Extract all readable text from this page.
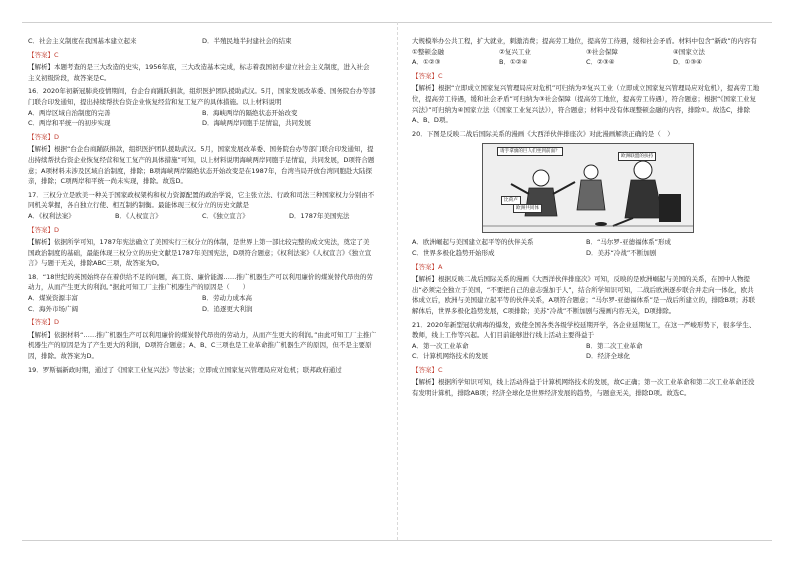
C．社会主义制度在我国基本建立起来	D．半殖民地半封建社会的结束

【答案】C

【解析】本题考查的是三大改造的史实，1956年底，三大改造基本完成，标志着我国初步建立社会主义制度，进入社会主义初级阶段，故答案是C。

16．2020年初新冠肺炎疫情期间，台企台商踊跃捐款，组织医护团队援助武汉。5月，国家发展改革委、国务院台办等部门联合印发通知，提出持续帮扶台资企业恢复经营和复工复产的具体措施。以上材料说明

A．两岸区域自治制度的完善	B．海峡两岸的隔绝状态开始改变

C．两岸和平统一的初步实现	D．海峡两岸同胞手足情谊，共同发展

【答案】D

【解析】根据“台企台商踊跃捐款，组织医护团队援助武汉。5月，国家发展改革委、国务院台办等部门联合印发通知，提出持续帮扶台资企业恢复经营和复工复产的具体措施”可知，以上材料说明海峡两岸同胞手足情谊，共同发展，D项符合题意；A项材料未涉及区域自治制度，排除；B项海峡两岸隔绝状态开始改变是在1987年，台湾当局开放台湾同胞赴大陆探亲，排除；C项两岸和平统一尚未实现，排除。故选D。

17．三权分立是欧美一种关于国家政权架构和权力资源配置的政治学说，它主张立法、行政和司法三种国家权力分别由不同机关掌握，各自独立行使、相互制约制衡。最能体现三权分立的历史文献是

A．《权利法案》	B．《人权宣言》	C．《独立宣言》	D．1787年美国宪法

【答案】D

【解析】依据所学可知，1787年宪法确立了美国实行三权分立的体制，是世界上第一部比较完整的成文宪法，奠定了美国政治制度的基础，最能体现三权分立的历史文献是1787年美国宪法，D项符合题意；《权利法案》《人权宣言》《独立宣言》与题干无关，排除ABC三项，故答案为D。

18．“18世纪的英国始终存在着供给不足的问题，高工资、廉价能源……推广机器生产可以利用廉价的煤炭替代昂贵的劳动力，从而产生更大的利润。”据此可知工厂主推广机器生产的原因是（　　）

A．煤炭资源丰富	B．劳动力成本高

C．海外市场广阔	D．追逐更大利润

【答案】D

【解析】依据材料“……推广机器生产可以利用廉价的煤炭替代昂贵的劳动力，从而产生更大的利润。”由此可知工厂主推广机器生产的原因是为了产生更大的利润，D项符合题意；A、B、C三项也是工业革命推广机器生产的原因，但不是主要原因，排除。故答案为D。

19．罗斯福新政时期，通过了《国家工业复兴法》等法案；立即成立国家复兴管理局应对危机；联邦政府通过

大规模举办公共工程，扩大就业，刺激消费；提高劳工地位，提高劳工待遇，缓和社会矛盾。材料中包含“新政”的内容有

①整顿金融	②复兴工业	③社会保障	④国家立法

A．①②③	B．①②④	C．②③④	D．①③④

【答案】C

【解析】根据“立即成立国家复兴管理局应对危机”可归纳为②复兴工业（立即成立国家复兴管理局应对危机），提高劳工地位，提高劳工待遇，缓和社会矛盾”可归纳为③社会保障（提高劳工地位，提高劳工待遇），符合题意；根据“《国家工业复兴法》”可归纳为④国家立法（《国家工业复兴法》），符合题意；材料中没有体现整顿金融的内容，排除①。故选C，排除A、B、D项。

20．下图是反映二战后国际关系的漫画《大西洋伙伴排座次》对此漫画解读正确的是（　）

请手拿旗的巨人们坐到前面？
比荷卢
欧洲共同体
欧洲联盟的扶持

A．欧洲崛起与美国建立起平等的伙伴关系	B．“马尔罗-亚德福体系”形成

C．世界多极化趋势开始形成	D．美苏“冷战”不断加剧

【答案】A

【解析】根据反映二战后国际关系的漫画《大西洋伙伴排座次》可知，反映的是欧洲崛起与美国的关系，在国中人物提出“必须完全独立于美国，“不要把自己的意志强加于人”，结合所学知识可知，二战后欧洲逐步联合并走向一体化，欧共体成立后，欧洲与美国建立起平等的伙伴关系，A项符合题意；“马尔罗-亚德福体系”是一战后所建立的，排除B项；苏联解体后，世界多极化趋势发展，C项排除；美苏“冷战”不断加剧与漫画内容无关，D项排除。

21．2020年新型冠状病毒的爆发，致使全国各类各级学校延期开学，各企业延期复工，在这一严峻形势下，很多学生、教师，线上工作等兴起。人们目前能够进行线上活动主要得益于

A．第一次工业革命	B．第二次工业革命

C．计算机网络技术的发展	D．经济全球化

【答案】C

【解析】根据所学知识可知，线上活动得益于计算机网络技术的发展，故C正确；第一次工业革命和第二次工业革命还没有发明计算机，排除AB项；经济全球化是世界经济发展的趋势，与题意无关，排除D项。故选C。
